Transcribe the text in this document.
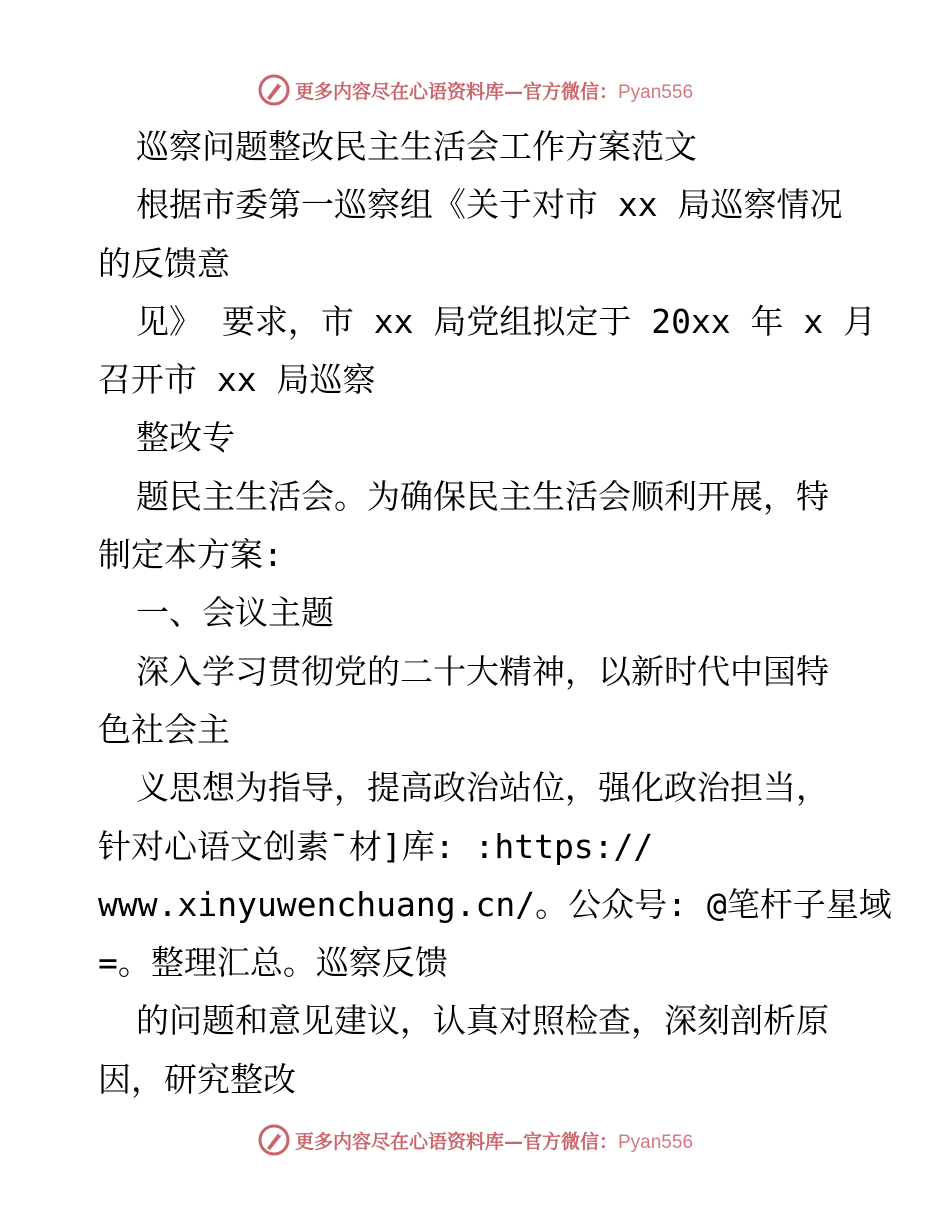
更多内容尽在心语资料库—官方微信：Pyan556
巡察问题整改民主生活会工作方案范文
根据市委第一巡察组《关于对市 xx 局巡察情况
的反馈意
见》 要求，市 xx 局党组拟定于 20xx 年 x 月
召开市 xx 局巡察
整改专
题民主生活会。为确保民主生活会顺利开展，特
制定本方案:
一、会议主题
深入学习贯彻党的二十大精神，以新时代中国特
色社会主
义思想为指导，提高政治站位，强化政治担当，
针对心语文创素¯材]库: :https://
www.xinyuwenchuang.cn/。公众号: @笔杆子星域
=。整理汇总。巡察反馈
的问题和意见建议，认真对照检查，深刻剖析原
因，研究整改
更多内容尽在心语资料库—官方微信：Pyan556
